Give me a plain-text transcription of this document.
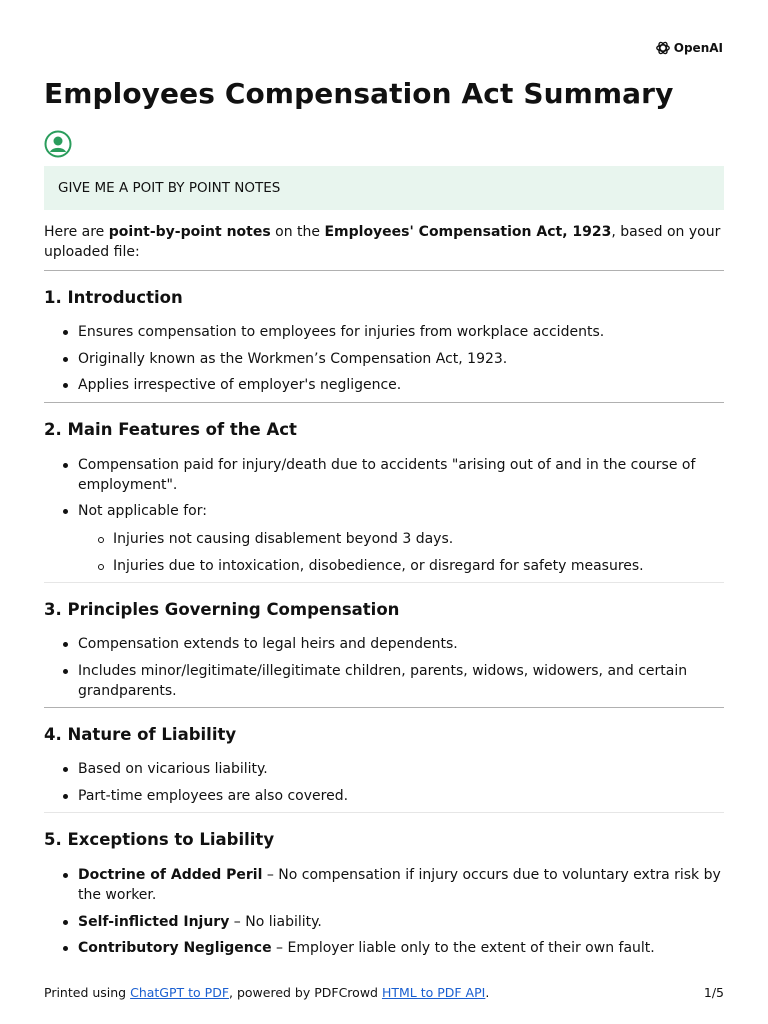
OpenAI
Employees Compensation Act Summary
GIVE ME A POIT BY POINT NOTES
Here are point-by-point notes on the Employees' Compensation Act, 1923, based on your uploaded file:
1. Introduction
Ensures compensation to employees for injuries from workplace accidents.
Originally known as the Workmen’s Compensation Act, 1923.
Applies irrespective of employer's negligence.
2. Main Features of the Act
Compensation paid for injury/death due to accidents "arising out of and in the course of employment".
Not applicable for:
Injuries not causing disablement beyond 3 days.
Injuries due to intoxication, disobedience, or disregard for safety measures.
3. Principles Governing Compensation
Compensation extends to legal heirs and dependents.
Includes minor/legitimate/illegitimate children, parents, widows, widowers, and certain grandparents.
4. Nature of Liability
Based on vicarious liability.
Part-time employees are also covered.
5. Exceptions to Liability
Doctrine of Added Peril – No compensation if injury occurs due to voluntary extra risk by the worker.
Self-inflicted Injury – No liability.
Contributory Negligence – Employer liable only to the extent of their own fault.
Printed using ChatGPT to PDF, powered by PDFCrowd HTML to PDF API.	1/5
